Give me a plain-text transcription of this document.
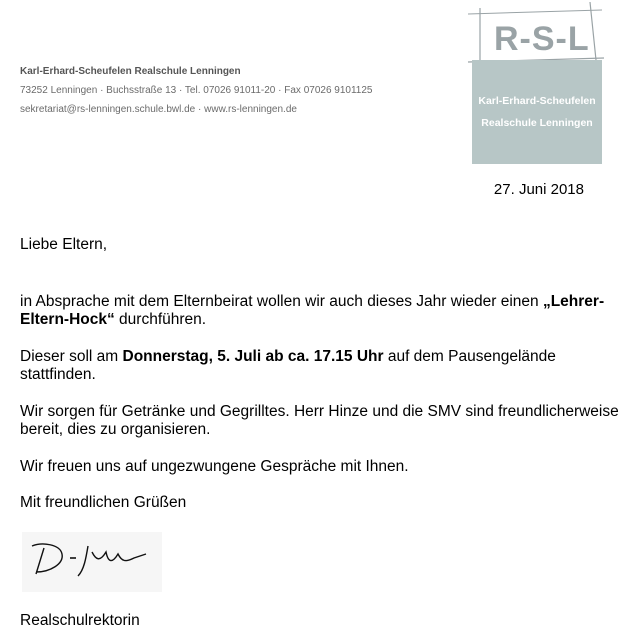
Karl-Erhard-Scheufelen Realschule Lenningen
73252 Lenningen · Buchsstraße 13 · Tel. 07026 91011-20 · Fax 07026 9101125
sekretariat@rs-lenningen.schule.bwl.de · www.rs-lenningen.de
R-S-L
Karl-Erhard-Scheufelen
Realschule Lenningen
27. Juni 2018

Liebe Eltern,

in Absprache mit dem Elternbeirat wollen wir auch dieses Jahr wieder einen „Lehrer-Eltern-Hock“ durchführen.

Dieser soll am Donnerstag, 5. Juli ab ca. 17.15 Uhr auf dem Pausengelände stattfinden.

Wir sorgen für Getränke und Gegrilltes. Herr Hinze und die SMV sind freundlicherweise bereit, dies zu organisieren.

Wir freuen uns auf ungezwungene Gespräche mit Ihnen.

Mit freundlichen Grüßen

Realschulrektorin
